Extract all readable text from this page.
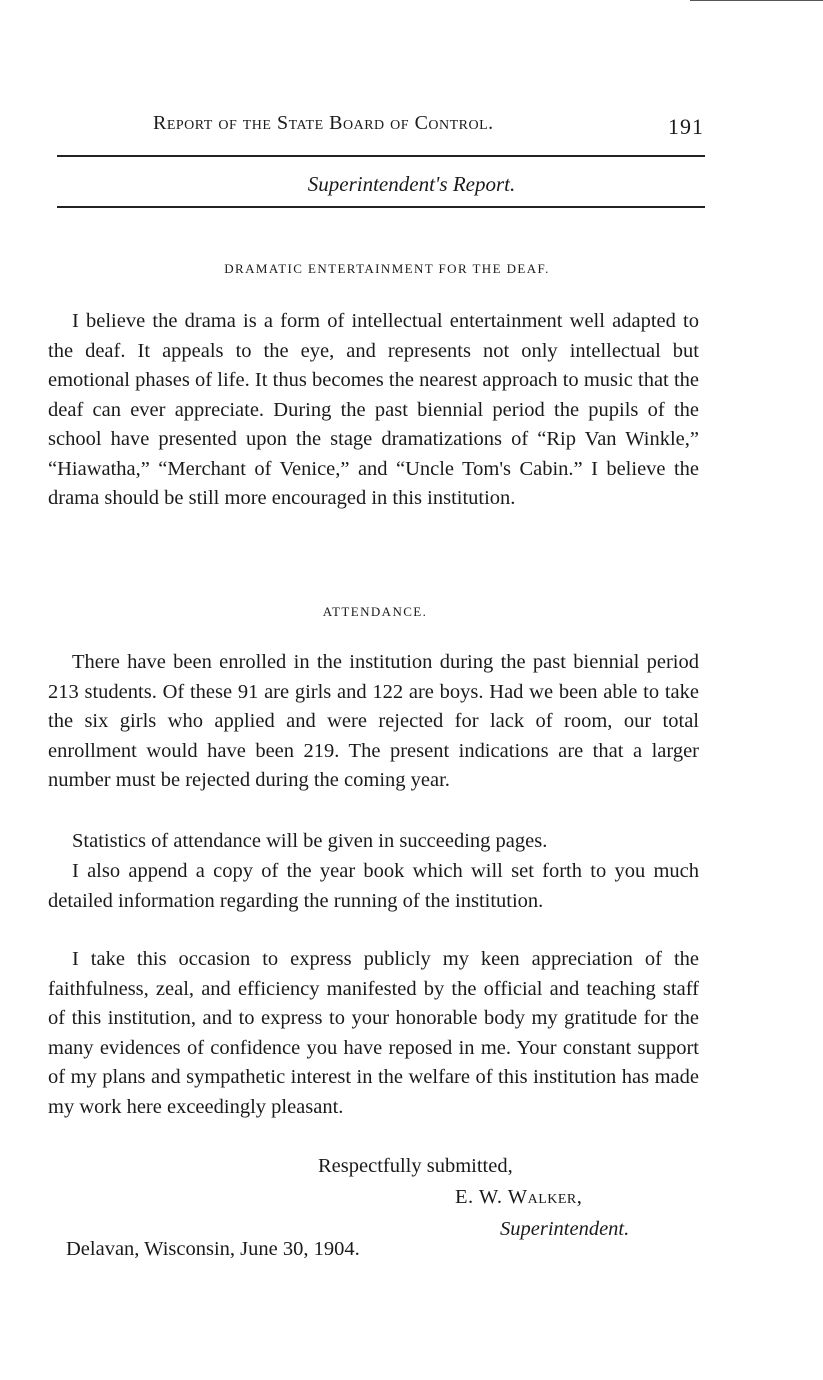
Report of the State Board of Control.	191
Superintendent's Report.
DRAMATIC ENTERTAINMENT FOR THE DEAF.

I believe the drama is a form of intellectual entertainment well adapted to the deaf. It appeals to the eye, and represents not only intellectual but emotional phases of life. It thus becomes the nearest approach to music that the deaf can ever appreciate. During the past biennial period the pupils of the school have presented upon the stage dramatizations of “Rip Van Winkle,” “Hiawatha,” “Merchant of Venice,” and “Uncle Tom's Cabin.” I believe the drama should be still more encouraged in this institution.

ATTENDANCE.

There have been enrolled in the institution during the past biennial period 213 students. Of these 91 are girls and 122 are boys. Had we been able to take the six girls who applied and were rejected for lack of room, our total enrollment would have been 219. The present indications are that a larger number must be rejected during the coming year.

Statistics of attendance will be given in succeeding pages.

I also append a copy of the year book which will set forth to you much detailed information regarding the running of the institution.

I take this occasion to express publicly my keen appreciation of the faithfulness, zeal, and efficiency manifested by the official and teaching staff of this institution, and to express to your honorable body my gratitude for the many evidences of confidence you have reposed in me. Your constant support of my plans and sympathetic interest in the welfare of this institution has made my work here exceedingly pleasant.

Respectfully submitted,

E. W. Walker,

Superintendent.

Delavan, Wisconsin, June 30, 1904.
